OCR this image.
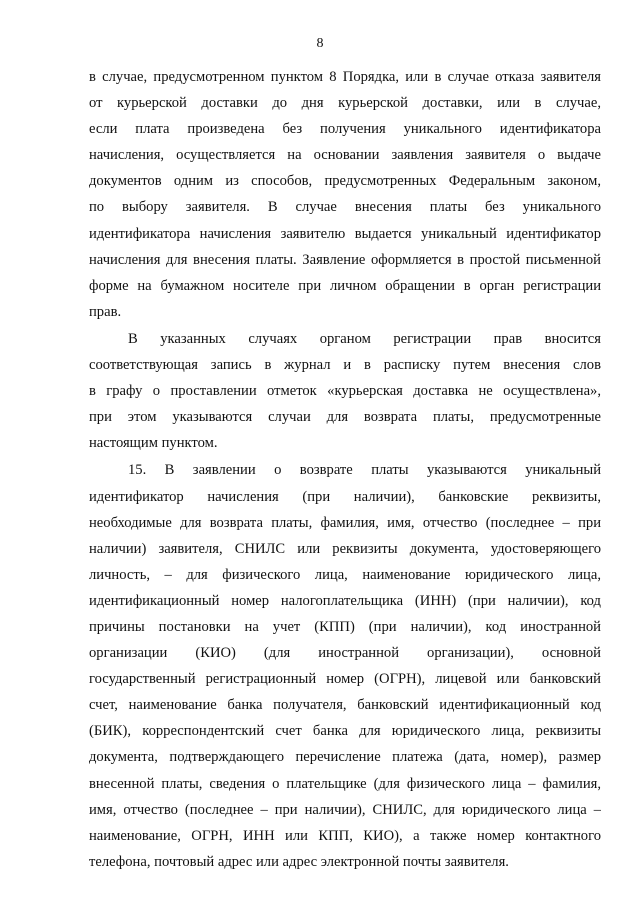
8
в случае, предусмотренном пунктом 8 Порядка, или в случае отказа заявителя
от курьерской доставки до дня курьерской доставки, или в случае,
если плата произведена без получения уникального идентификатора
начисления, осуществляется на основании заявления заявителя о выдаче
документов одним из способов, предусмотренных Федеральным законом,
по выбору заявителя. В случае внесения платы без уникального
идентификатора начисления заявителю выдается уникальный идентификатор
начисления для внесения платы. Заявление оформляется в простой письменной
форме на бумажном носителе при личном обращении в орган регистрации
прав.
В указанных случаях органом регистрации прав вносится
соответствующая запись в журнал и в расписку путем внесения слов
в графу о проставлении отметок «курьерская доставка не осуществлена»,
при этом указываются случаи для возврата платы, предусмотренные
настоящим пунктом.
15. В заявлении о возврате платы указываются уникальный
идентификатор начисления (при наличии), банковские реквизиты,
необходимые для возврата платы, фамилия, имя, отчество (последнее – при
наличии) заявителя, СНИЛС или реквизиты документа, удостоверяющего
личность, – для физического лица, наименование юридического лица,
идентификационный номер налогоплательщика (ИНН) (при наличии), код
причины постановки на учет (КПП) (при наличии), код иностранной
организации (КИО) (для иностранной организации), основной
государственный регистрационный номер (ОГРН), лицевой или банковский
счет, наименование банка получателя, банковский идентификационный код
(БИК), корреспондентский счет банка для юридического лица, реквизиты
документа, подтверждающего перечисление платежа (дата, номер), размер
внесенной платы, сведения о плательщике (для физического лица – фамилия,
имя, отчество (последнее – при наличии), СНИЛС, для юридического лица –
наименование, ОГРН, ИНН или КПП, КИО), а также номер контактного
телефона, почтовый адрес или адрес электронной почты заявителя.
